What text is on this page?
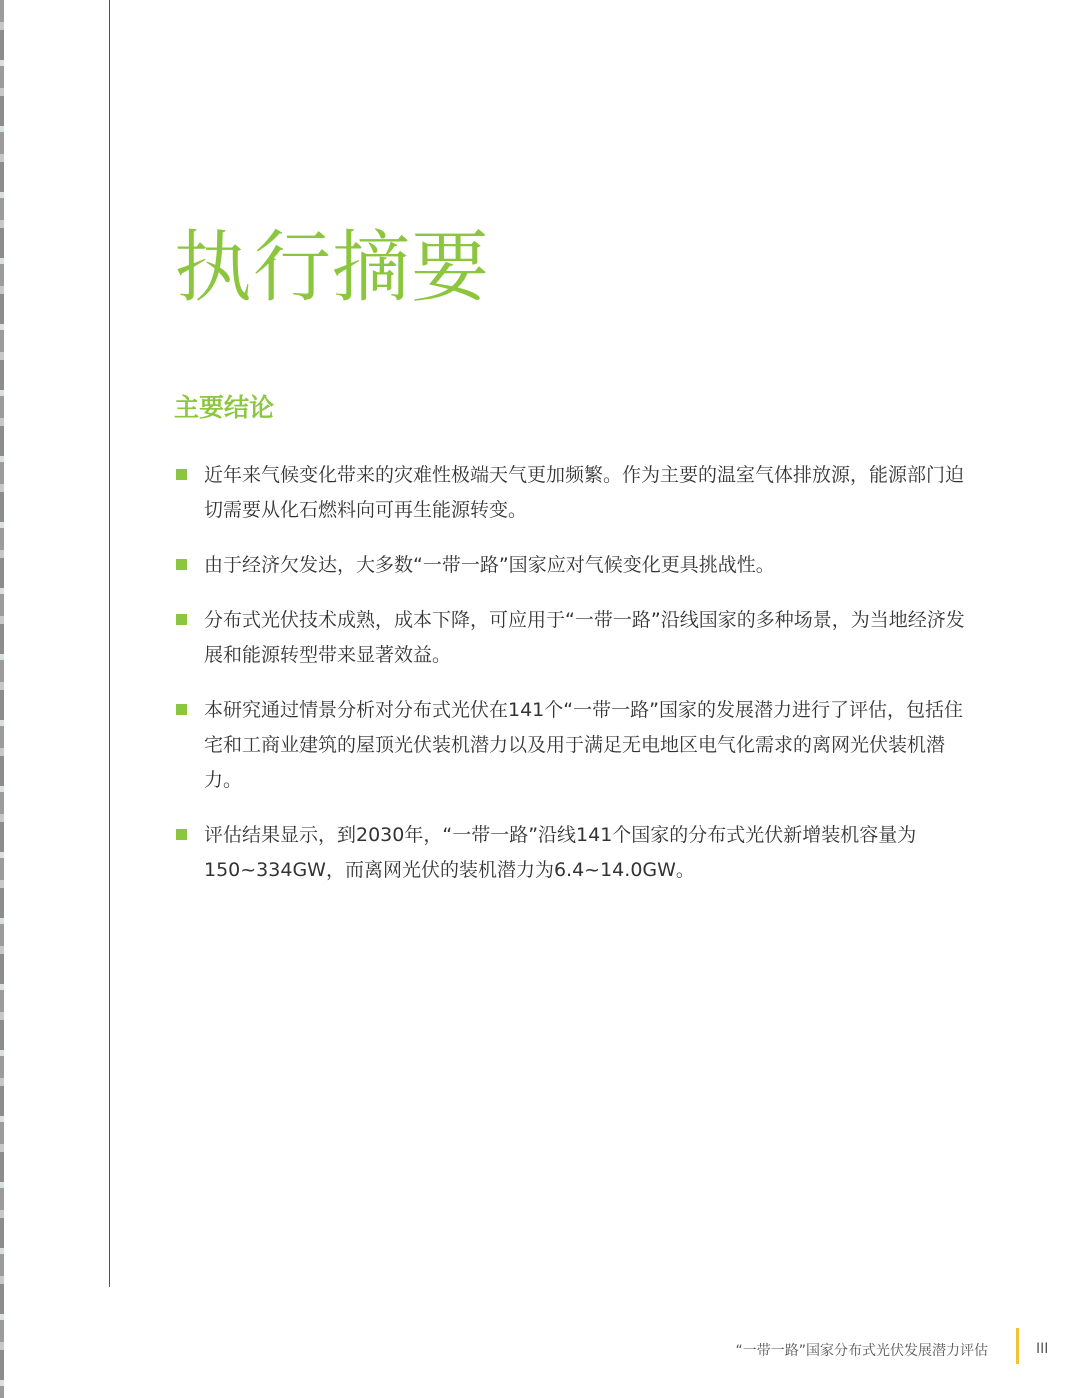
执行摘要
主要结论
近年来气候变化带来的灾难性极端天气更加频繁。作为主要的温室气体排放源，能源部门迫切需要从化石燃料向可再生能源转变。
由于经济欠发达，大多数“一带一路”国家应对气候变化更具挑战性。
分布式光伏技术成熟，成本下降，可应用于“一带一路”沿线国家的多种场景，为当地经济发展和能源转型带来显著效益。
本研究通过情景分析对分布式光伏在141个“一带一路”国家的发展潜力进行了评估，包括住宅和工商业建筑的屋顶光伏装机潜力以及用于满足无电地区电气化需求的离网光伏装机潜力。
评估结果显示，到2030年，“一带一路”沿线141个国家的分布式光伏新增装机容量为150~334GW，而离网光伏的装机潜力为6.4~14.0GW。
“一带一路”国家分布式光伏发展潜力评估	III
